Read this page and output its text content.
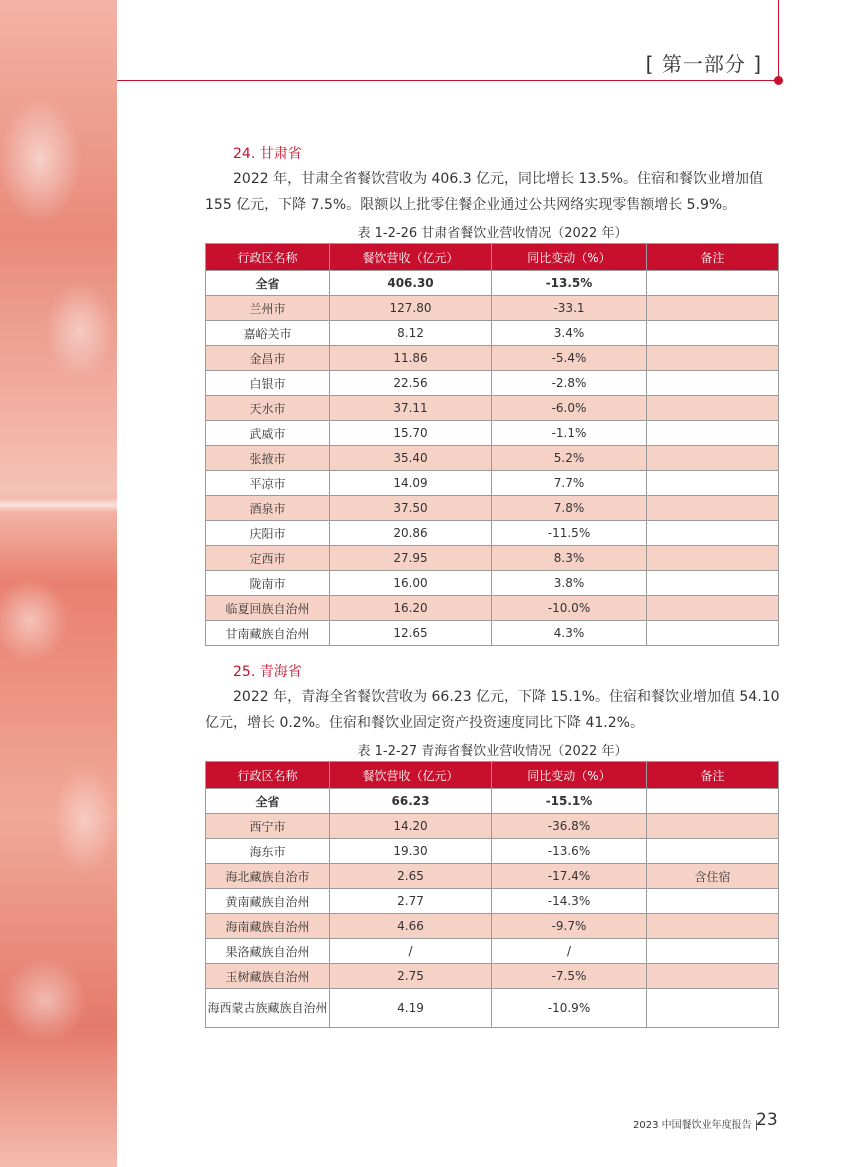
[ 第一部分 ]
24. 甘肃省

2022 年，甘肃全省餐饮营收为 406.3 亿元，同比增长 13.5%。住宿和餐饮业增加值 155 亿元，下降 7.5%。限额以上批零住餐企业通过公共网络实现零售额增长 5.9%。

表 1-2-26 甘肃省餐饮业营收情况（2022 年）
行政区名称	餐饮营收（亿元）	同比变动（%）	备注
全省	406.30	-13.5%	
兰州市	127.80	-33.1	
嘉峪关市	8.12	3.4%	
金昌市	11.86	-5.4%	
白银市	22.56	-2.8%	
天水市	37.11	-6.0%	
武威市	15.70	-1.1%	
张掖市	35.40	5.2%	
平凉市	14.09	7.7%	
酒泉市	37.50	7.8%	
庆阳市	20.86	-11.5%	
定西市	27.95	8.3%	
陇南市	16.00	3.8%	
临夏回族自治州	16.20	-10.0%	
甘南藏族自治州	12.65	4.3%	
25. 青海省

2022 年，青海全省餐饮营收为 66.23 亿元，下降 15.1%。住宿和餐饮业增加值 54.10 亿元，增长 0.2%。住宿和餐饮业固定资产投资速度同比下降 41.2%。

表 1-2-27 青海省餐饮业营收情况（2022 年）
行政区名称	餐饮营收（亿元）	同比变动（%）	备注
全省	66.23	-15.1%	
西宁市	14.20	-36.8%	
海东市	19.30	-13.6%	
海北藏族自治市	2.65	-17.4%	含住宿
黄南藏族自治州	2.77	-14.3%	
海南藏族自治州	4.66	-9.7%	
果洛藏族自治州	/	/	
玉树藏族自治州	2.75	-7.5%	
海西蒙古族藏族自治州	4.19	-10.9%	
2023 中国餐饮业年度报告 |
23
